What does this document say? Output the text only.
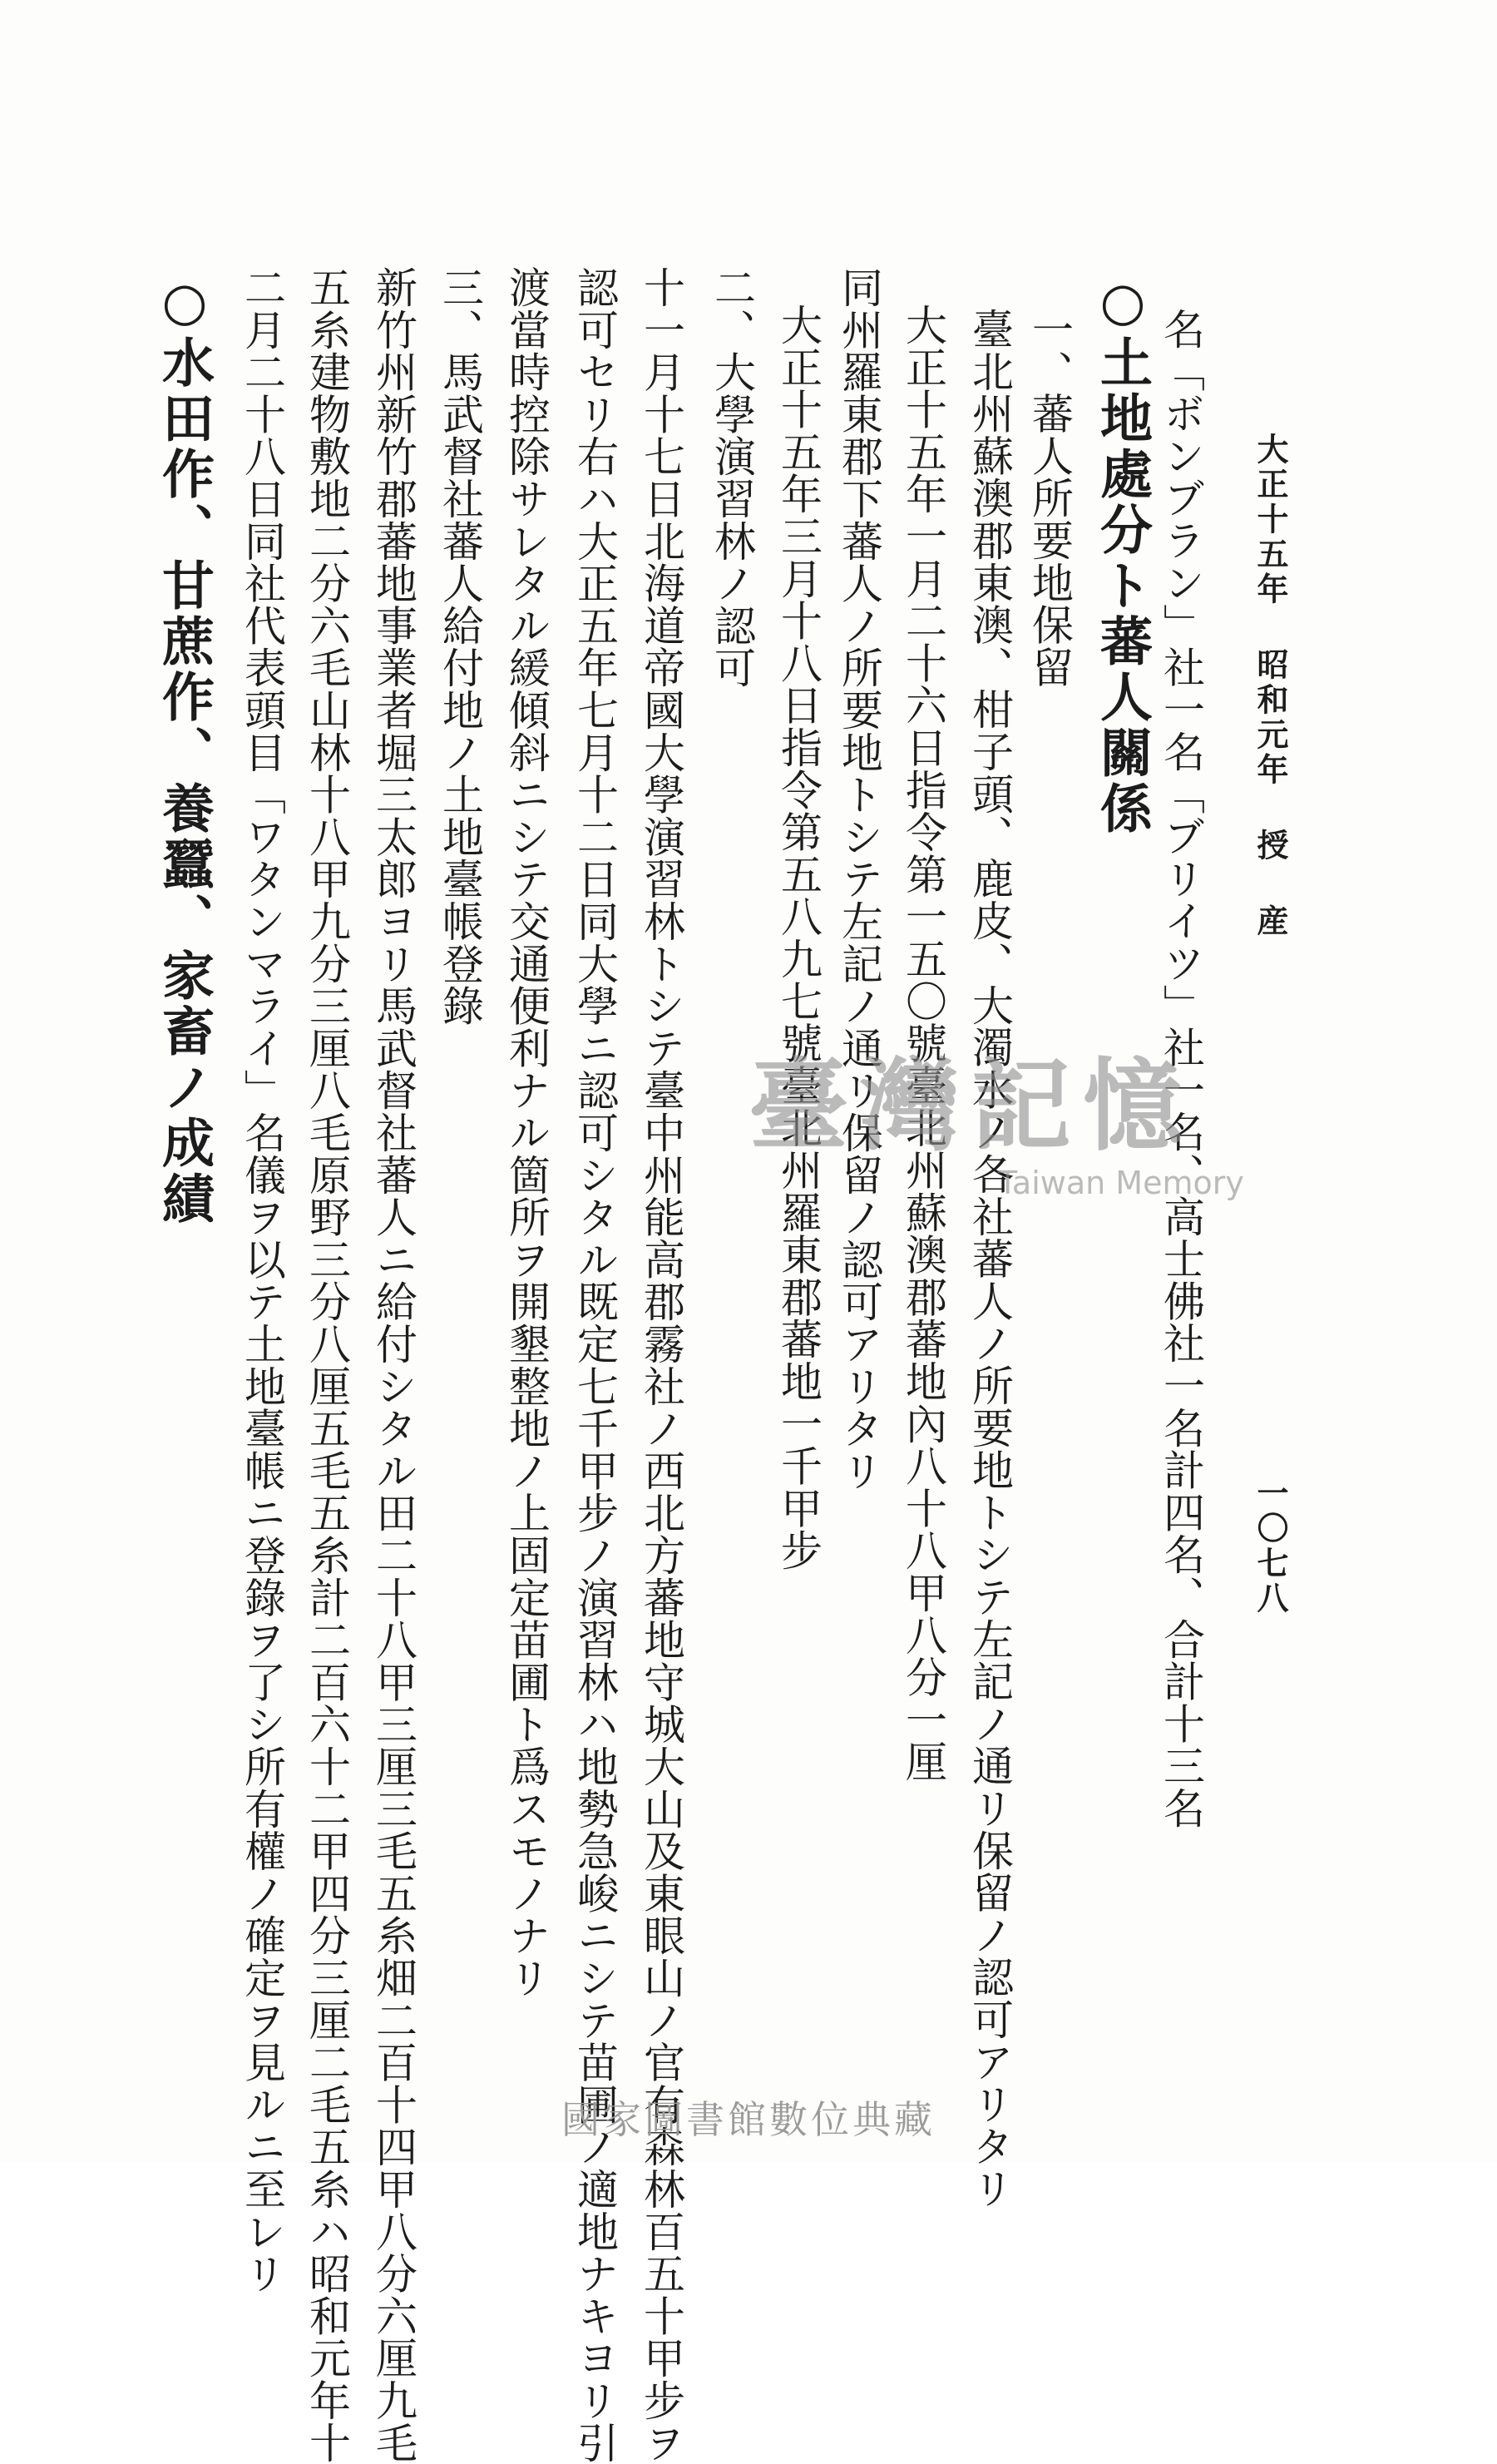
大正十五年 昭和元年 授 産
一〇七八
名「ボンブラン」社一名「ブリイツ」社一名、高士佛社一名計四名、合計十三名
○土地處分ト蕃人關係
一、蕃人所要地保留
臺北州蘇澳郡東澳、柑子頭、鹿皮、大濁水ノ各社蕃人ノ所要地トシテ左記ノ通リ保留ノ認可アリタリ
大正十五年一月二十六日指令第一五〇號臺北州蘇澳郡蕃地內八十八甲八分一厘
同州羅東郡下蕃人ノ所要地トシテ左記ノ通リ保留ノ認可アリタリ
大正十五年三月十八日指令第五八九七號臺北州羅東郡蕃地一千甲步
二、大學演習林ノ認可
十一月十七日北海道帝國大學演習林トシテ臺中州能高郡霧社ノ西北方蕃地守城大山及東眼山ノ官有森林百五十甲步ヲ
認可セリ右ハ大正五年七月十二日同大學ニ認可シタル既定七千甲步ノ演習林ハ地勢急峻ニシテ苗圃ノ適地ナキヨリ引
渡當時控除サレタル緩傾斜ニシテ交通便利ナル箇所ヲ開墾整地ノ上固定苗圃ト爲スモノナリ
三、馬武督社蕃人給付地ノ土地臺帳登錄
新竹州新竹郡蕃地事業者堀三太郎ヨリ馬武督社蕃人ニ給付シタル田二十八甲三厘三毛五糸畑二百十四甲八分六厘九毛
五糸建物敷地二分六毛山林十八甲九分三厘八毛原野三分八厘五毛五糸計二百六十二甲四分三厘二毛五糸ハ昭和元年十
二月二十八日同社代表頭目「ワタンマライ」名儀ヲ以テ土地臺帳ニ登錄ヲ了シ所有權ノ確定ヲ見ルニ至レリ
○水田作、甘蔗作、養蠶、家畜ノ成績	臺灣記憶
Taiwan Memory
國家圖書館數位典藏
